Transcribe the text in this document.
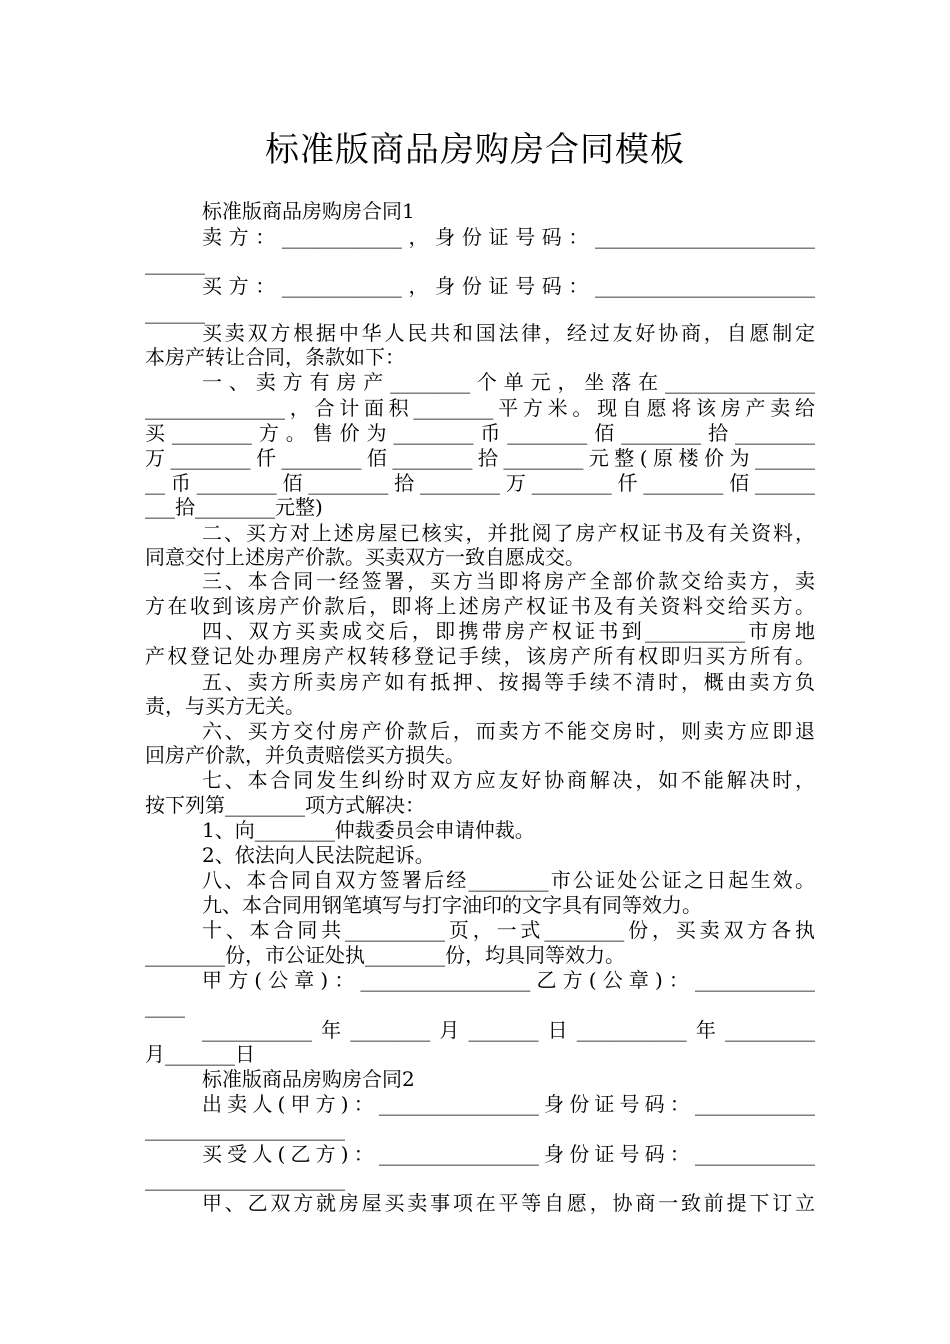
标准版商品房购房合同模板
标准版商品房购房合同1
卖方：____________，身份证号码：______________________
______
买方：____________，身份证号码：______________________
______
买卖双方根据中华人民共和国法律，经过友好协商，自愿制定
本房产转让合同，条款如下：
一、卖方有房产________个单元，坐落在_______________
______________，合计面积________平方米。现自愿将该房产卖给
买________方。售价为________币________佰________拾________
万________仟________佰________拾________元整(原楼价为______
__币________佰________拾________万________仟________佰______
___拾________元整)
二、买方对上述房屋已核实，并批阅了房产权证书及有关资料，
同意交付上述房产价款。买卖双方一致自愿成交。
三、本合同一经签署，买方当即将房产全部价款交给卖方，卖
方在收到该房产价款后，即将上述房产权证书及有关资料交给买方。
四、双方买卖成交后，即携带房产权证书到__________市房地
产权登记处办理房产权转移登记手续，该房产所有权即归买方所有。
五、卖方所卖房产如有抵押、按揭等手续不清时，概由卖方负
责，与买方无关。
六、买方交付房产价款后，而卖方不能交房时，则卖方应即退
回房产价款，并负责赔偿买方损失。
七、本合同发生纠纷时双方应友好协商解决，如不能解决时，
按下列第________项方式解决：
1、向________仲裁委员会申请仲裁。
2、依法向人民法院起诉。
八、本合同自双方签署后经________市公证处公证之日起生效。
九、本合同用钢笔填写与打字油印的文字具有同等效力。
十、本合同共__________页，一式________份，买卖双方各执
________份，市公证处执________份，均具同等效力。
甲方(公章)：_________________乙方(公章)：____________
____
___________年________月_______日___________年_________
月_______日
标准版商品房购房合同2
出卖人(甲方)：________________身份证号码：____________
____________________
买受人(乙方)：________________身份证号码：____________
____________________
甲、乙双方就房屋买卖事项在平等自愿，协商一致前提下订立
